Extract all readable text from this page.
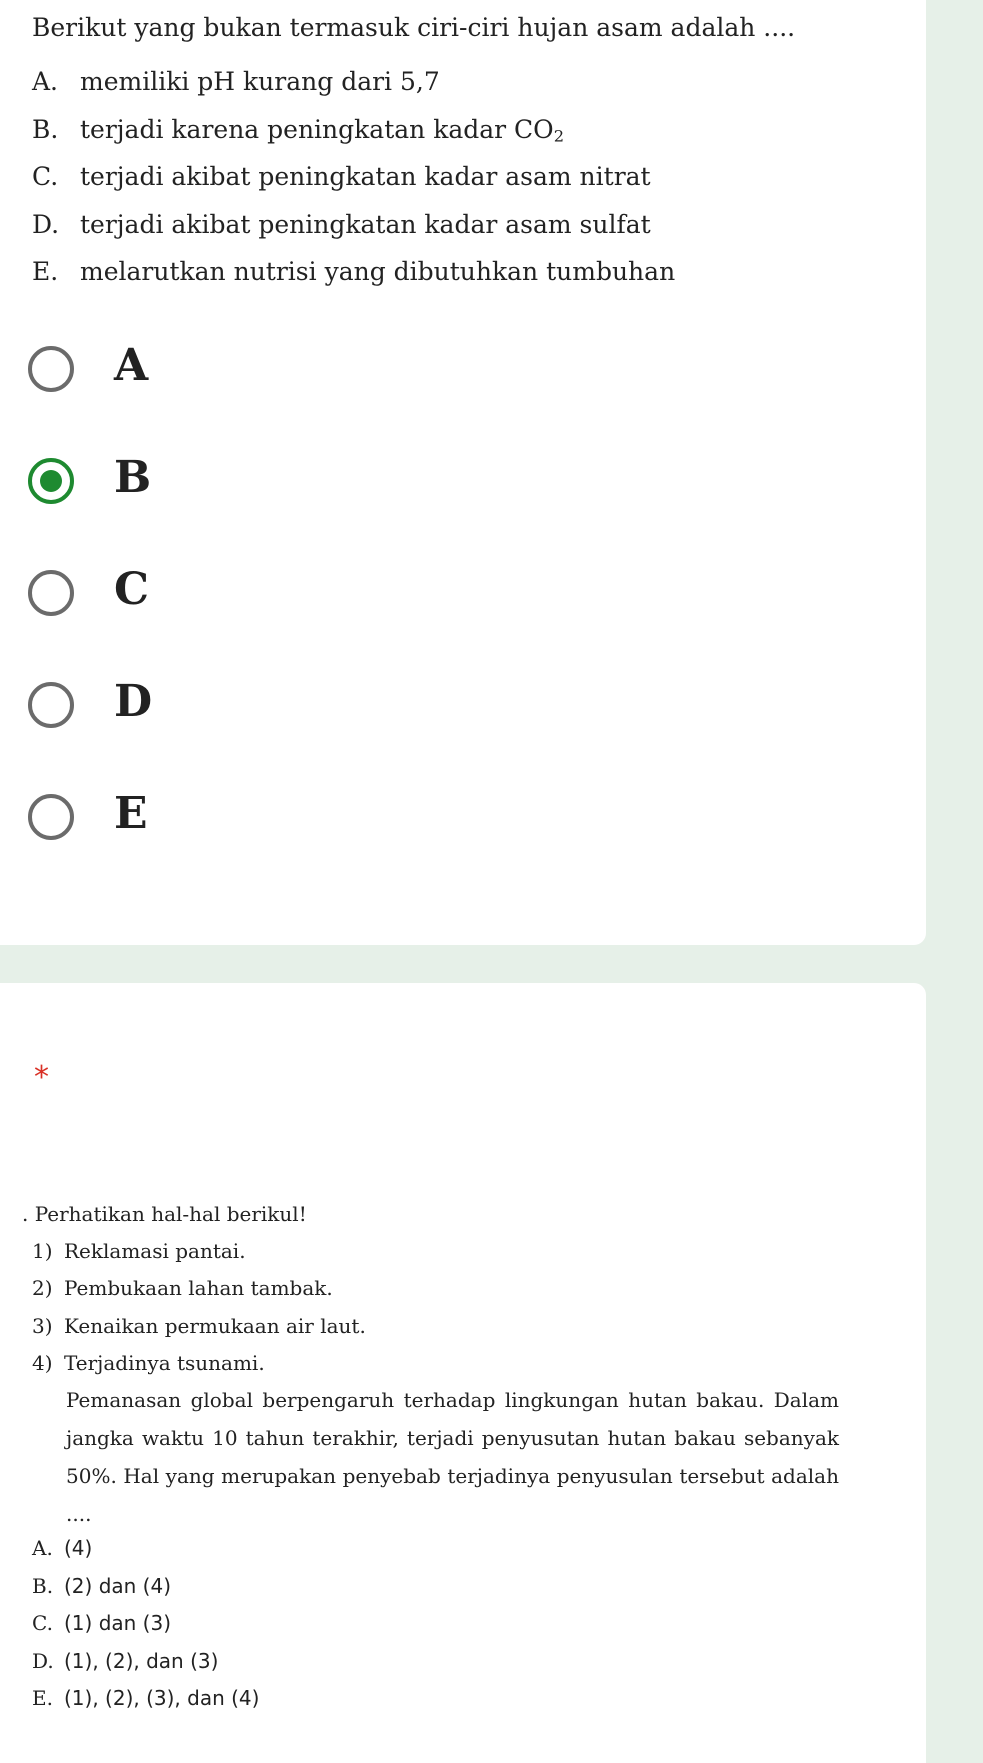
Berikut yang bukan termasuk ciri-ciri hujan asam adalah ....

A. memiliki pH kurang dari 5,7
B. terjadi karena peningkatan kadar $CO_2$
C. terjadi akibat peningkatan kadar asam nitrat
D. terjadi akibat peningkatan kadar asam sulfat
E. melarutkan nutrisi yang dibutuhkan tumbuhan
A
B
C
D
E
*

. Perhatikan hal-hal berikul!

1) Reklamasi pantai.
2) Pembukaan lahan tambak.
3) Kenaikan permukaan air laut.
4) Terjadinya tsunami.

Pemanasan global berpengaruh terhadap lingkungan hutan bakau. Dalam jangka waktu 10 tahun terakhir, terjadi penyusutan hutan bakau sebanyak 50%. Hal yang merupakan penyebab terjadinya penyusulan tersebut adalah ....

A. (4)
B. (2) dan (4)
C. (1) dan (3)
D. (1), (2), dan (3)
E. (1), (2), (3), dan (4)
